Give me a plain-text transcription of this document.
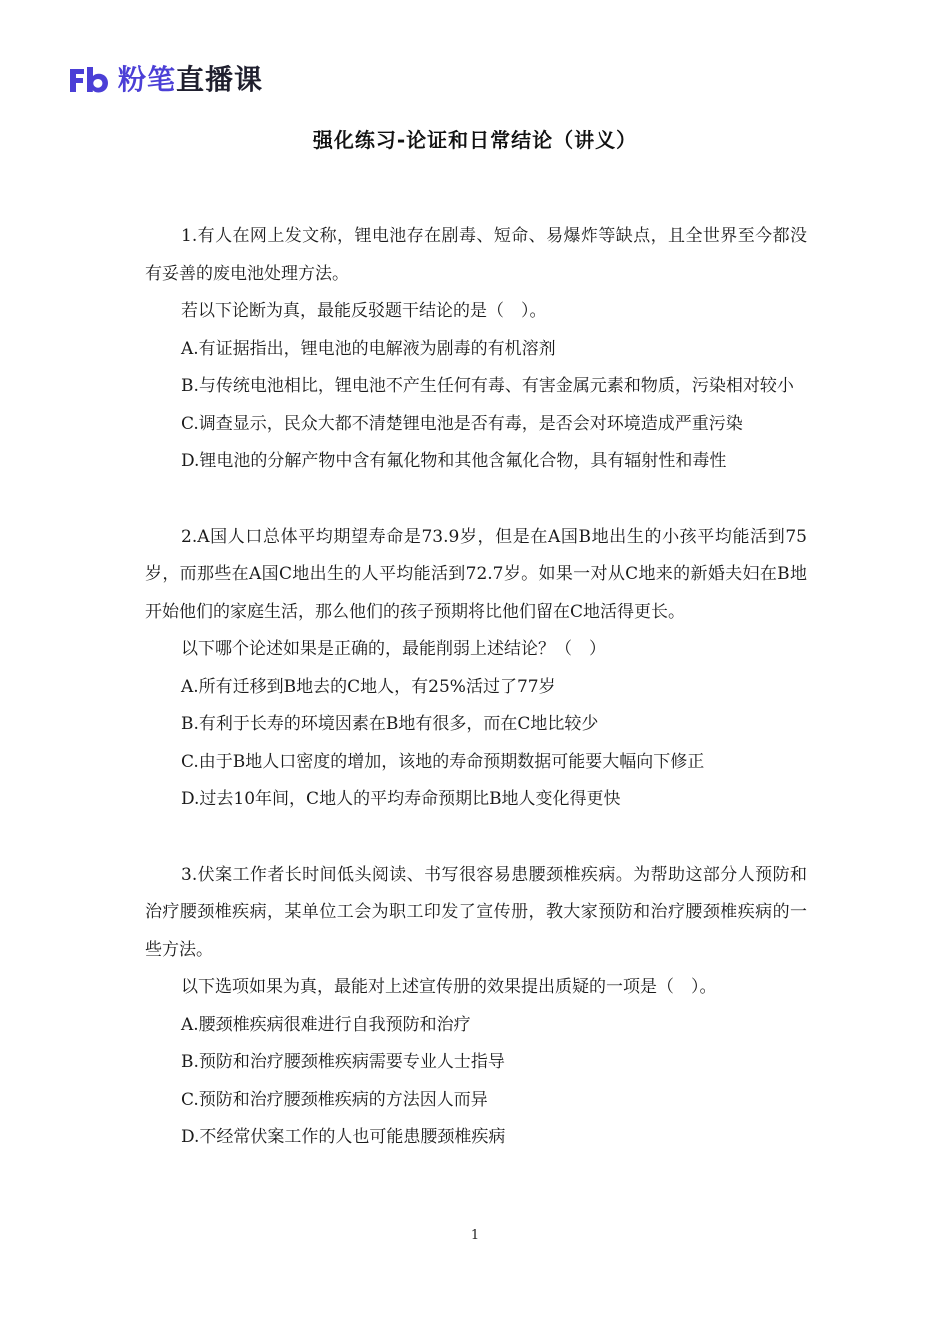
粉笔直播课
强化练习-论证和日常结论（讲义）

1.有人在网上发文称，锂电池存在剧毒、短命、易爆炸等缺点，且全世界至今都没有妥善的废电池处理方法。

若以下论断为真，最能反驳题干结论的是（　）。

A.有证据指出，锂电池的电解液为剧毒的有机溶剂

B.与传统电池相比，锂电池不产生任何有毒、有害金属元素和物质，污染相对较小

C.调查显示，民众大都不清楚锂电池是否有毒，是否会对环境造成严重污染

D.锂电池的分解产物中含有氟化物和其他含氟化合物，具有辐射性和毒性

2.A国人口总体平均期望寿命是73.9岁，但是在A国B地出生的小孩平均能活到75岁，而那些在A国C地出生的人平均能活到72.7岁。如果一对从C地来的新婚夫妇在B地开始他们的家庭生活，那么他们的孩子预期将比他们留在C地活得更长。

以下哪个论述如果是正确的，最能削弱上述结论？（　）

A.所有迁移到B地去的C地人，有25%活过了77岁

B.有利于长寿的环境因素在B地有很多，而在C地比较少

C.由于B地人口密度的增加，该地的寿命预期数据可能要大幅向下修正

D.过去10年间，C地人的平均寿命预期比B地人变化得更快

3.伏案工作者长时间低头阅读、书写很容易患腰颈椎疾病。为帮助这部分人预防和治疗腰颈椎疾病，某单位工会为职工印发了宣传册，教大家预防和治疗腰颈椎疾病的一些方法。

以下选项如果为真，最能对上述宣传册的效果提出质疑的一项是（　）。

A.腰颈椎疾病很难进行自我预防和治疗

B.预防和治疗腰颈椎疾病需要专业人士指导

C.预防和治疗腰颈椎疾病的方法因人而异

D.不经常伏案工作的人也可能患腰颈椎疾病

1
